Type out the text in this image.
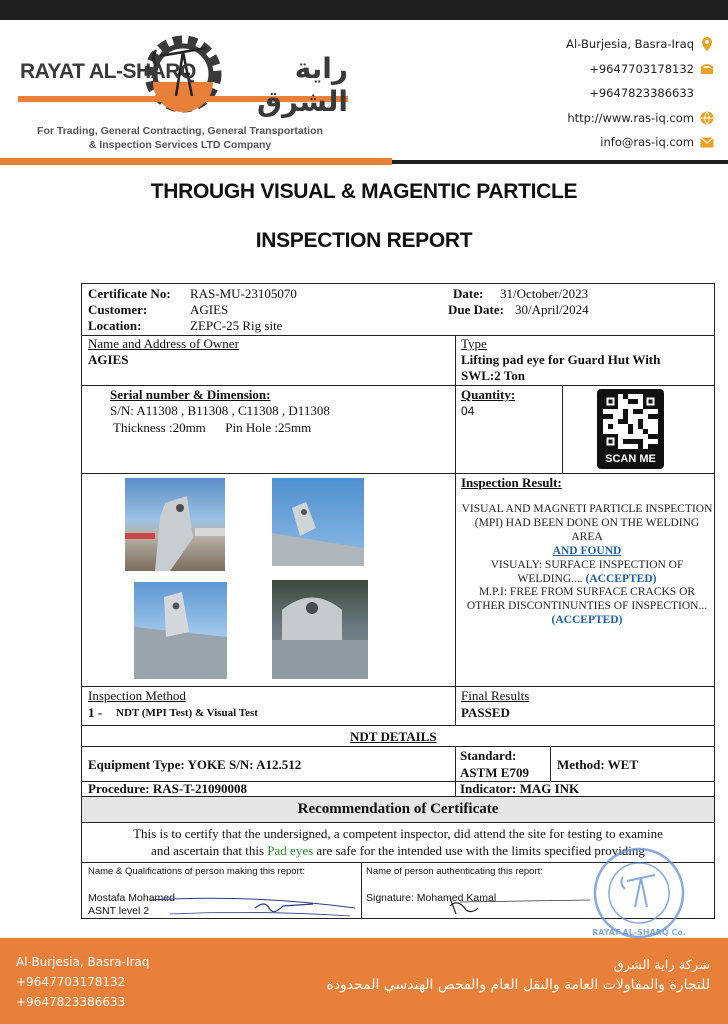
RAYAT AL-SHARQ	راية الشرق
For Trading, General Contracting, General Transportation
& Inspection Services LTD Company
Al-Burjesia, Basra-Iraq
+9647703178132
+9647823386633
http://www.ras-iq.com
info@ras-iq.com
THROUGH VISUAL & MAGENTIC PARTICLE
INSPECTION REPORT
Certificate No: RAS-MU-23105070
Customer:	AGIES
Location:	ZEPC-25 Rig site
Date: 31/October/2023
Due Date: 30/April/2024
Name and Address of Owner
AGIES
Type
Lifting pad eye for Guard Hut With
SWL:2 Ton
Serial number & Dimension:
S/N: A11308 , B11308 , C11308 , D11308
Thickness :20mm      Pin Hole :25mm
Quantity:
04
SCAN ME
Inspection Result:
VISUAL AND MAGNETI PARTICLE INSPECTION (MPI) HAD BEEN DONE ON THE WELDING AREA
AND FOUND
VISUALY: SURFACE INSPECTION OF WELDING.... (ACCEPTED)
M.P.I: FREE FROM SURFACE CRACKS OR OTHER DISCONTINUNTIES OF INSPECTION... (ACCEPTED)
Inspection Method
1 - NDT (MPI Test) & Visual Test
Final Results
PASSED
NDT DETAILS
Equipment Type: YOKE S/N: A12.512
Standard:
ASTM E709
Method: WET
Procedure: RAS-T-21090008	Indicator: MAG INK
Recommendation of Certificate
This is to certify that the undersigned, a competent inspector, did attend the site for testing to examine
and ascertain that this Pad eyes are safe for the intended use with the limits specified providing
Name & Qualifications of person making this report:
Mostafa Mohamed
ASNT level 2
Name of person authenticating this report:
Signature: Mohamed Kamal
RAYAT AL-SHARQ Co.
Al-Burjesia, Basra-Iraq
+9647703178132
+9647823386633
شركة راية الشرق
للتجارة والمقاولات العامة والنقل العام والفحص الهندسي المحدودة
